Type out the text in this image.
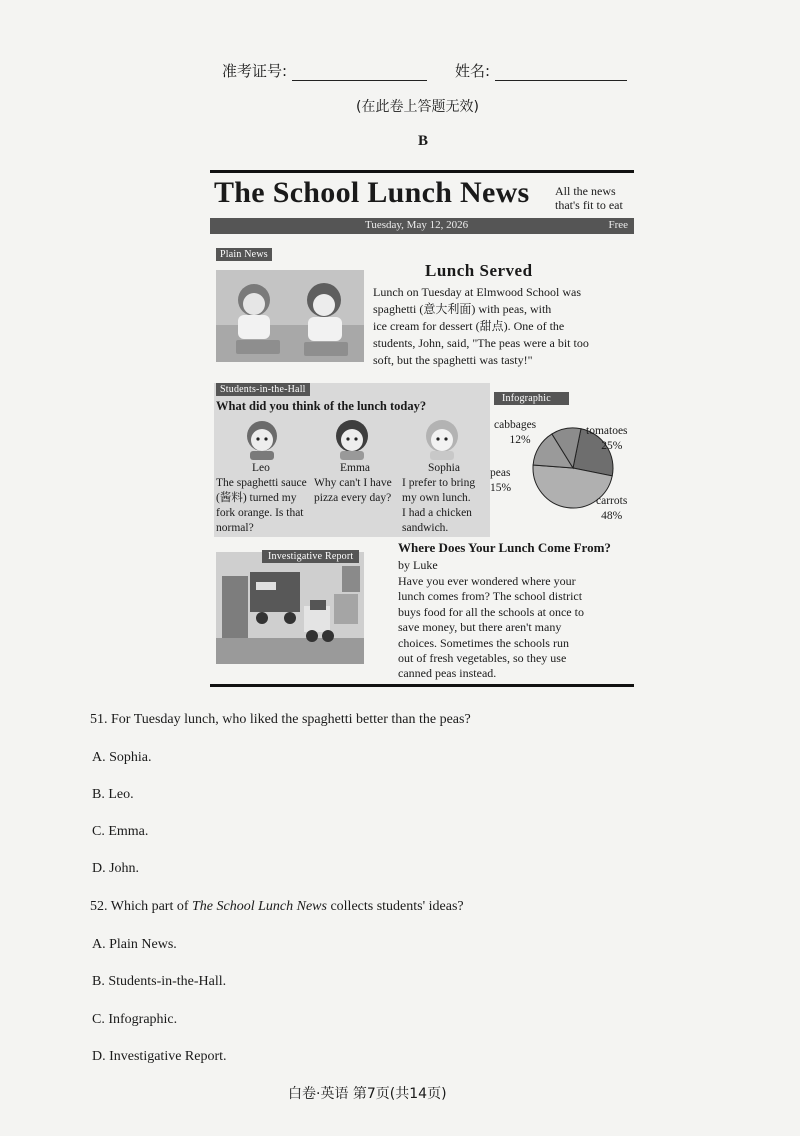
准考证号:	姓名:
(在此卷上答题无效)
B
The School Lunch News All the news
that's fit to eat
Tuesday, May 12, 2026	Free
Plain News
Lunch Served
Lunch on Tuesday at Elmwood School was
spaghetti (意大利面) with peas, with
ice cream for dessert (甜点). One of the
students, John, said, "The peas were a bit too
soft, but the spaghetti was tasty!"
Students-in-the-Hall
What did you think of the lunch today?
Leo	Emma	Sophia
The spaghetti sauce
(酱料) turned my
fork orange. Is that
normal?
Why can't I have
pizza every day?
I prefer to bring
my own lunch.
I had a chicken
sandwich.
Infographic
cabbages
12%
tomatoes
25%
peas
15%
carrots
48%
Investigative Report
Where Does Your Lunch Come From?
by Luke
Have you ever wondered where your
lunch comes from? The school district
buys food for all the schools at once to
save money, but there aren't many
choices. Sometimes the schools run
out of fresh vegetables, so they use
canned peas instead.
51. For Tuesday lunch, who liked the spaghetti better than the peas?
A. Sophia.
B. Leo.
C. Emma.
D. John.
52. Which part of The School Lunch News collects students' ideas?
A. Plain News.
B. Students-in-the-Hall.
C. Infographic.
D. Investigative Report.
白卷·英语 第7页(共14页)
